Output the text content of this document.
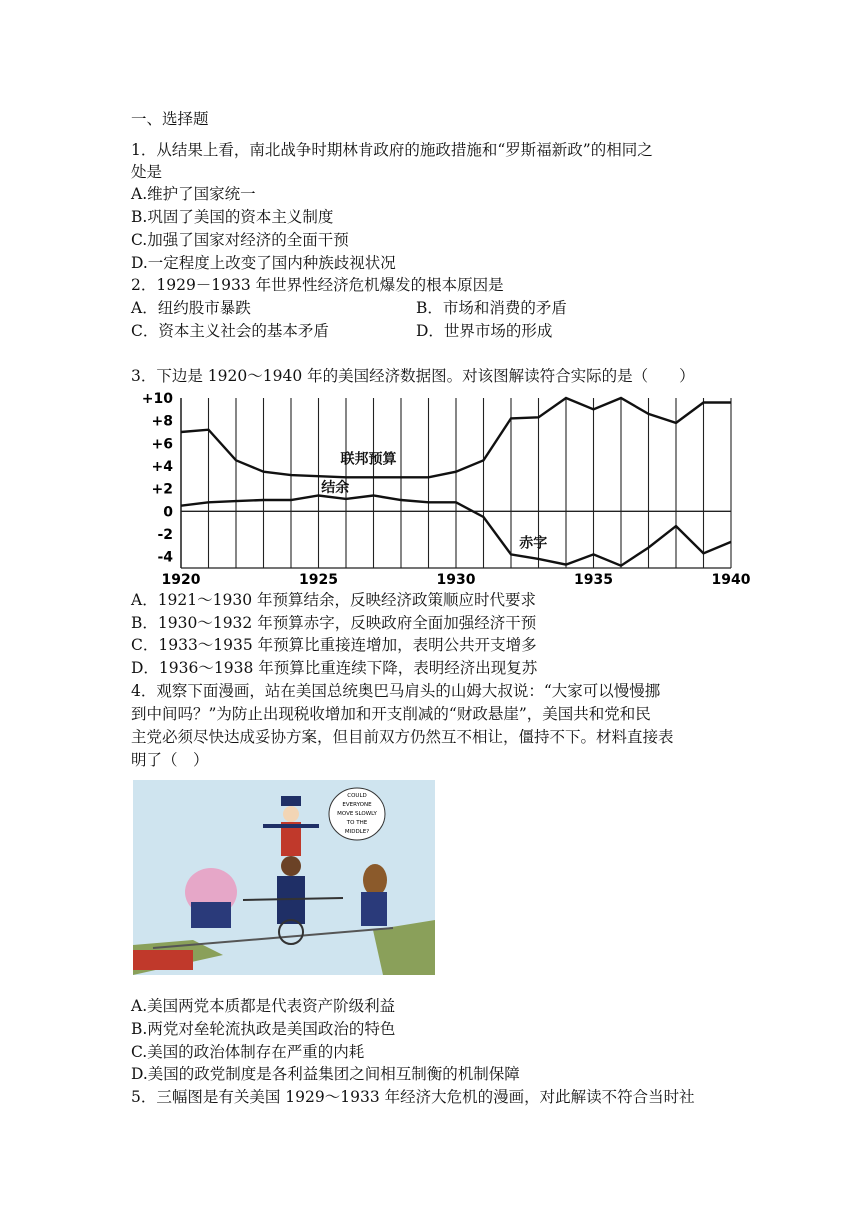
一、选择题
1．从结果上看，南北战争时期林肯政府的施政措施和“罗斯福新政”的相同之
处是
A.维护了国家统一
B.巩固了美国的资本主义制度
C.加强了国家对经济的全面干预
D.一定程度上改变了国内种族歧视状况
2．1929－1933 年世界性经济危机爆发的根本原因是
A．纽约股市暴跌	B．市场和消费的矛盾
C．资本主义社会的基本矛盾	D．世界市场的形成
3．下边是 1920～1940 年的美国经济数据图。对该图解读符合实际的是（　　）
+10
+8
+6
+4
+2
0
-2
-4
1920	1925	1930	1935	1940
联邦预算
结余
赤字
A．1921～1930 年预算结余，反映经济政策顺应时代要求
B．1930～1932 年预算赤字，反映政府全面加强经济干预
C．1933～1935 年预算比重接连增加，表明公共开支增多
D．1936～1938 年预算比重连续下降，表明经济出现复苏
4．观察下面漫画，站在美国总统奥巴马肩头的山姆大叔说：“大家可以慢慢挪
到中间吗？”为防止出现税收增加和开支削减的“财政悬崖”，美国共和党和民
主党必须尽快达成妥协方案，但目前双方仍然互不相让，僵持不下。材料直接表
明了（　）
COULD
EVERYONE
MOVE SLOWLY
TO THE
MIDDLE?
A.美国两党本质都是代表资产阶级利益
B.两党对垒轮流执政是美国政治的特色
C.美国的政治体制存在严重的内耗
D.美国的政党制度是各利益集团之间相互制衡的机制保障
5．三幅图是有关美国 1929～1933 年经济大危机的漫画，对此解读不符合当时社
